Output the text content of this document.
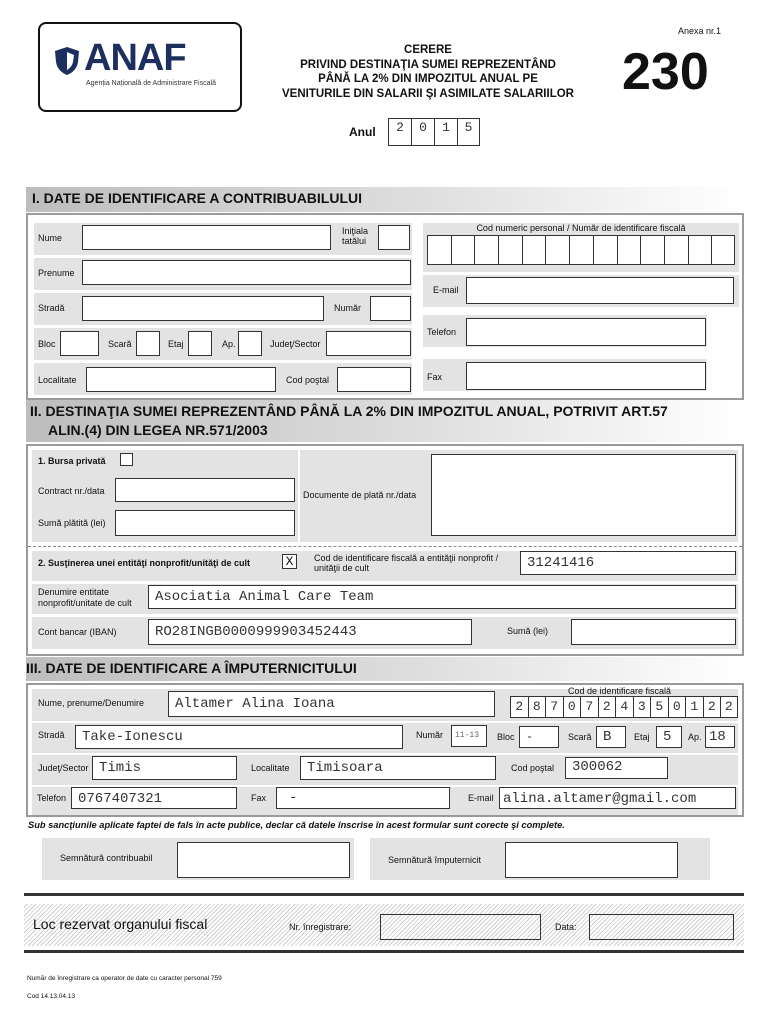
ANAF
Agenția Națională de Administrare Fiscală
CERERE
PRIVIND DESTINAŢIA SUMEI REPREZENTÂND
PÂNĂ LA 2% DIN IMPOZITUL ANUAL PE
VENITURILE DIN SALARII ŞI ASIMILATE SALARIILOR
Anexa nr.1
230
Anul	2	0	1	5
I. DATE DE IDENTIFICARE A CONTRIBUABILULUI
Nume
Iniţiala tatălui
Prenume
Stradă	Număr
Bloc	Scară	Etaj	Ap.	Judeţ/Sector
Localitate	Cod poştal
Cod numeric personal / Număr de identificare fiscală
E-mail
Telefon
Fax
II. DESTINAŢIA SUMEI REPREZENTÂND PÂNĂ LA 2% DIN IMPOZITUL ANUAL, POTRIVIT ART.57
ALIN.(4) DIN LEGEA NR.571/2003
1. Bursa privată
Contract nr./data
Sumă plătită (lei)
Documente de plată nr./data
2. Susţinerea unei entităţi nonprofit/unităţi de cult	X	Cod de identificare fiscală a entităţii nonprofit / unităţii de cult	31241416
Denumire entitate
nonprofit/unitate de cult	Asociatia Animal Care Team
Cont bancar (IBAN)	RO28INGB0000999903452443	Sumă (lei)
III. DATE DE IDENTIFICARE A ÎMPUTERNICITULUI
Nume, prenume/Denumire	Altamer Alina Ioana
Cod de identificare fiscală
2 8 7 0 7 2 4 3 5 0 1 2 2
Stradă	Take-Ionescu	Număr	11-13	Bloc -	Scară B	Etaj 5	Ap. 18
Judeţ/Sector Timis	Localitate	Timisoara	Cod poştal	300062
Telefon 0767407321	Fax	-	E-mail alina.altamer@gmail.com
Sub sancţiunile aplicate faptei de fals în acte publice, declar că datele înscrise în acest formular sunt corecte şi complete.
Semnătură contribuabil	Semnătură împuternicit
Loc rezervat organului fiscal	Nr. înregistrare:	Data:
Număr de înregistrare ca operator de date cu caracter personal 759
Cod 14.13.04.13
